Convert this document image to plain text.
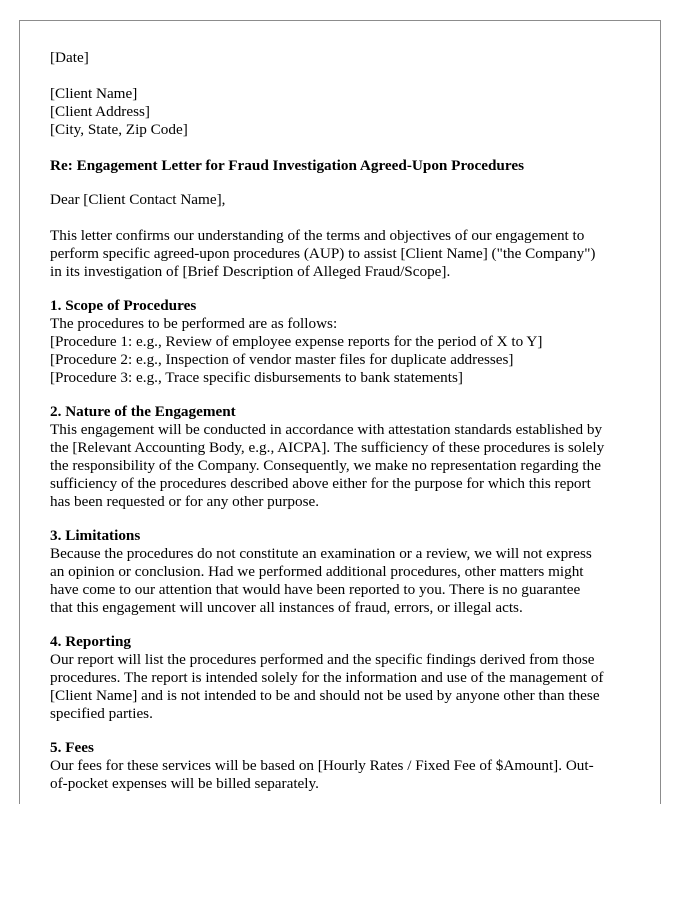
[Date]
[Client Name]
[Client Address]
[City, State, Zip Code]
Re: Engagement Letter for Fraud Investigation Agreed-Upon Procedures
Dear [Client Contact Name],
This letter confirms our understanding of the terms and objectives of our engagement to
perform specific agreed-upon procedures (AUP) to assist [Client Name] ("the Company")
in its investigation of [Brief Description of Alleged Fraud/Scope].
1. Scope of Procedures
The procedures to be performed are as follows:
[Procedure 1: e.g., Review of employee expense reports for the period of X to Y]
[Procedure 2: e.g., Inspection of vendor master files for duplicate addresses]
[Procedure 3: e.g., Trace specific disbursements to bank statements]
2. Nature of the Engagement
This engagement will be conducted in accordance with attestation standards established by
the [Relevant Accounting Body, e.g., AICPA]. The sufficiency of these procedures is solely
the responsibility of the Company. Consequently, we make no representation regarding the
sufficiency of the procedures described above either for the purpose for which this report
has been requested or for any other purpose.
3. Limitations
Because the procedures do not constitute an examination or a review, we will not express
an opinion or conclusion. Had we performed additional procedures, other matters might
have come to our attention that would have been reported to you. There is no guarantee
that this engagement will uncover all instances of fraud, errors, or illegal acts.
4. Reporting
Our report will list the procedures performed and the specific findings derived from those
procedures. The report is intended solely for the information and use of the management of
[Client Name] and is not intended to be and should not be used by anyone other than these
specified parties.
5. Fees
Our fees for these services will be based on [Hourly Rates / Fixed Fee of $Amount]. Out-
of-pocket expenses will be billed separately.
